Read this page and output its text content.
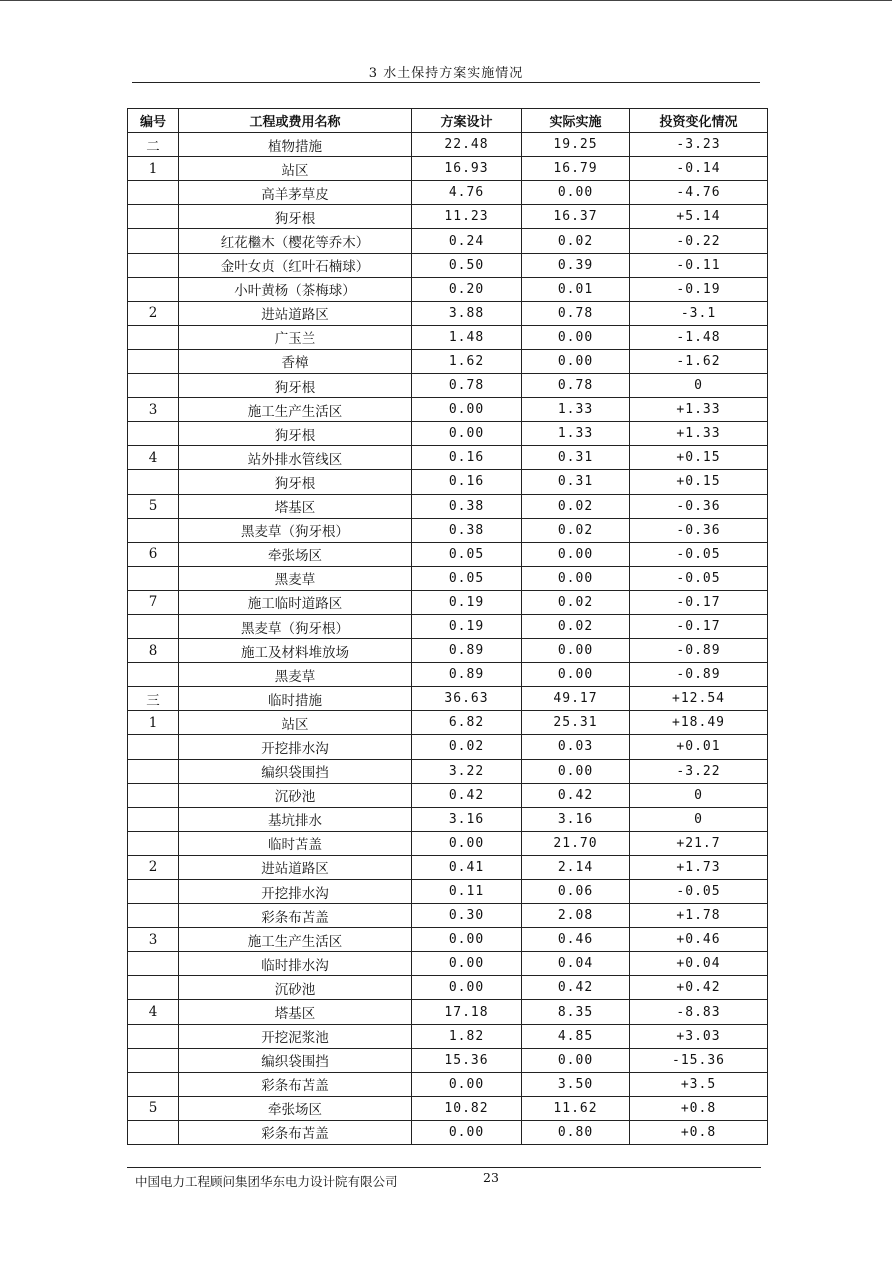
3 水土保持方案实施情况
编号	工程或费用名称	方案设计	实际实施	投资变化情况
二	植物措施	22.48	19.25	-3.23
1	站区	16.93	16.79	-0.14
	高羊茅草皮	4.76	0.00	-4.76
	狗牙根	11.23	16.37	+5.14
	红花檵木（樱花等乔木）	0.24	0.02	-0.22
	金叶女贞（红叶石楠球）	0.50	0.39	-0.11
	小叶黄杨（茶梅球）	0.20	0.01	-0.19
2	进站道路区	3.88	0.78	-3.1
	广玉兰	1.48	0.00	-1.48
	香樟	1.62	0.00	-1.62
	狗牙根	0.78	0.78	0
3	施工生产生活区	0.00	1.33	+1.33
	狗牙根	0.00	1.33	+1.33
4	站外排水管线区	0.16	0.31	+0.15
	狗牙根	0.16	0.31	+0.15
5	塔基区	0.38	0.02	-0.36
	黑麦草（狗牙根）	0.38	0.02	-0.36
6	牵张场区	0.05	0.00	-0.05
	黑麦草	0.05	0.00	-0.05
7	施工临时道路区	0.19	0.02	-0.17
	黑麦草（狗牙根）	0.19	0.02	-0.17
8	施工及材料堆放场	0.89	0.00	-0.89
	黑麦草	0.89	0.00	-0.89
三	临时措施	36.63	49.17	+12.54
1	站区	6.82	25.31	+18.49
	开挖排水沟	0.02	0.03	+0.01
	编织袋围挡	3.22	0.00	-3.22
	沉砂池	0.42	0.42	0
	基坑排水	3.16	3.16	0
	临时苫盖	0.00	21.70	+21.7
2	进站道路区	0.41	2.14	+1.73
	开挖排水沟	0.11	0.06	-0.05
	彩条布苫盖	0.30	2.08	+1.78
3	施工生产生活区	0.00	0.46	+0.46
	临时排水沟	0.00	0.04	+0.04
	沉砂池	0.00	0.42	+0.42
4	塔基区	17.18	8.35	-8.83
	开挖泥浆池	1.82	4.85	+3.03
	编织袋围挡	15.36	0.00	-15.36
	彩条布苫盖	0.00	3.50	+3.5
5	牵张场区	10.82	11.62	+0.8
	彩条布苫盖	0.00	0.80	+0.8
中国电力工程顾问集团华东电力设计院有限公司	23
